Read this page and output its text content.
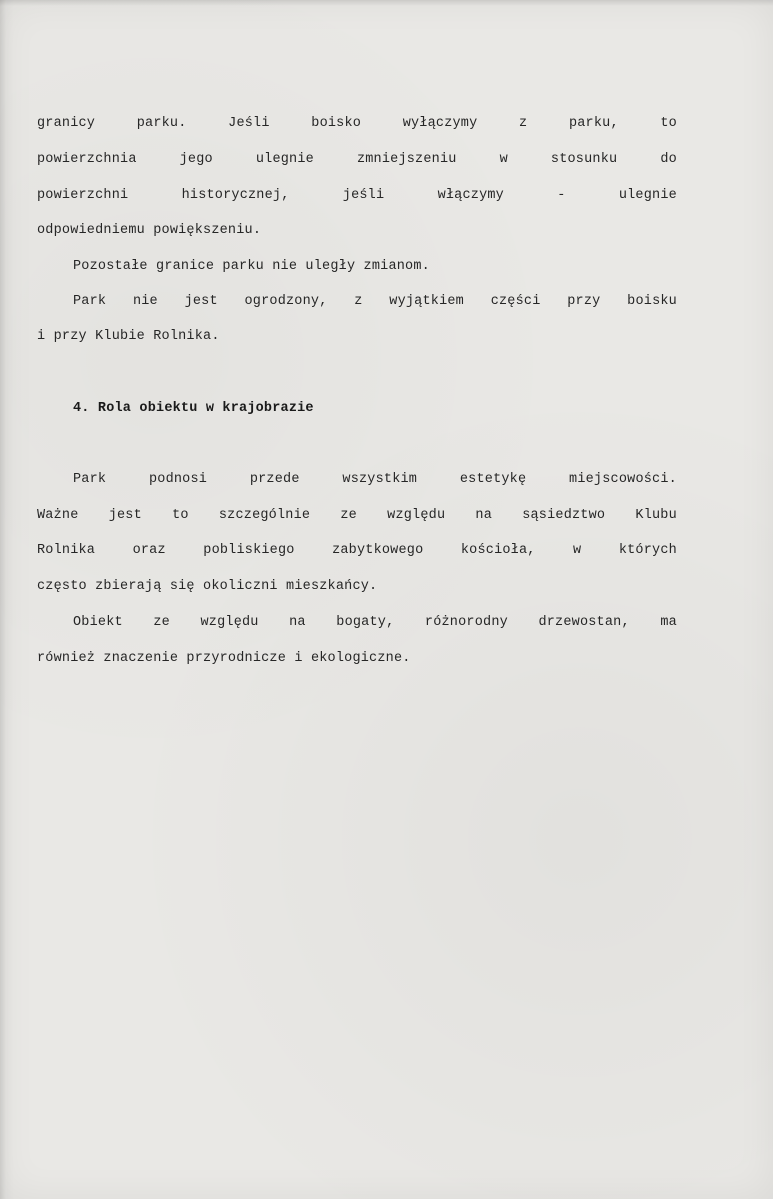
granicy	parku.	Jeśli	boisko	wyłączymy	z	parku,	to
powierzchnia	jego	ulegnie	zmniejszeniu	w	stosunku	do
powierzchni	historycznej,	jeśli	włączymy	-	ulegnie
odpowiedniemu powiększeniu.
Pozostałe granice parku nie uległy zmianom.
Park nie jest ogrodzony, z wyjątkiem części przy boisku
i przy Klubie Rolnika.
4. Rola obiektu w krajobrazie
Park	podnosi	przede	wszystkim	estetykę	miejscowości.
Ważne jest to szczególnie ze względu na sąsiedztwo Klubu
Rolnika	oraz	pobliskiego	zabytkowego	kościoła,	w	których
często zbierają się okoliczni mieszkańcy.
Obiekt ze względu na bogaty, różnorodny drzewostan, ma
również znaczenie przyrodnicze i ekologiczne.
